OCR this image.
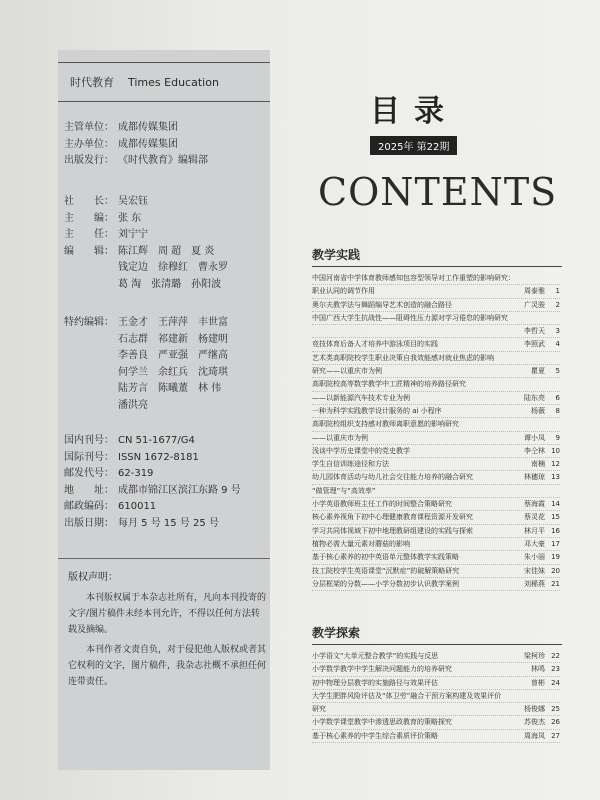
时代教育 Times Education
主管单位： 成都传媒集团
主办单位： 成都传媒集团
出版发行： 《时代教育》编辑部
社　　长： 吴宏钰
主　　编： 张 东
主　　任： 刘宁宁
编　　辑： 陈江辉　周 超　夏 炎
钱定边　徐穆红　曹永罗
葛 淘　张清璐　孙阳波
特约编辑： 王金才　王萍萍　丰世富
石志群　祁建新　杨建明
李善良　严亚强　严继高
何学兰　余红兵　沈琦琪
陆芳言　陈曦董　林 伟
潘洪亮
国内刊号： CN 51-1677/G4
国际刊号： ISSN 1672-8181
邮发代号： 62-319
地　　址： 成都市锦江区滨江东路 9 号
邮政编码： 610011
出版日期： 每月 5 号 15 号 25 号
版权声明：
本刊版权属于本杂志社所有，凡向本刊投寄的文字/图片稿件未经本刊允许，不得以任何方法转载及摘编。
本刊作者文责自负，对于侵犯他人版权或者其它权利的文字，图片稿件，我杂志社概不承担任何连带责任。
目录
2025年 第22期
CONTENTS
教学实践
中国河南省中学体育教师感知包容型领导对工作重塑的影响研究：
职业认同的调节作用	周泰雅 1
奥尔夫教学法与舞蹈编导艺术创造的融合路径	广灵骏 2
中国广西大学生抗战性——阻碍性压力源对学习倦怠的影响研究
李哲天 3
竞技体育后备人才培养中游泳项目的实践	李照武 4
艺术类高职院校学生职业决策自我效能感对就业焦虑的影响
研究——以重庆市为例	瞿夏 5
高职院校高等数学教学中工匠精神的培养路径研究
——以新能源汽车技术专业为例	陆东亮 6
一种为科学实践教学设计服务的 ai 小程序	杨薇 8
高职院校组织支持感对教师离职意愿的影响研究
——以重庆市为例	谭小凤 9
浅谈中学历史课堂中的党史教学	李仝林 10
学生自信训练途径和方法	南楠 12
幼儿园体育活动与幼儿社会交往能力培养的融合研究	林穗琼 13
“做管理”与“高效率”
小学英语教师班主任工作的时间整合策略研究	蔡海霞 14
核心素养视角下初中心理健康教育课程资源开发研究	蔡灵花 15
学习共同体视域下初中地理教研组建设的实践与探索	林月平 16
植物必需大量元素对蘑菇的影响	邓大豪 17
基于核心素养的初中英语单元整体教学实践策略	朱小丽 19
技工院校学生英语课堂“沉默症”的破解策略研究	宋佳妹 20
分层框架的分数——小学分数初步认识教学案例	刘稀燕 21
教学探索
小学语文“大单元整合教学”的实践与反思	梁柯珍 22
小学数学教学中学生解决问题能力的培养研究	林鸣 23
初中物理分层教学的实施路径与效果评估	曾彬 24
大学生肥胖风险评估及“体卫劳”融合干预方案构建及效果评价
研究	杨俊娜 25
小学数学课堂教学中渗透思政教育的策略探究	苏俊杰 26
基于核心素养的中学生综合素质评价策略	周海凤 27
